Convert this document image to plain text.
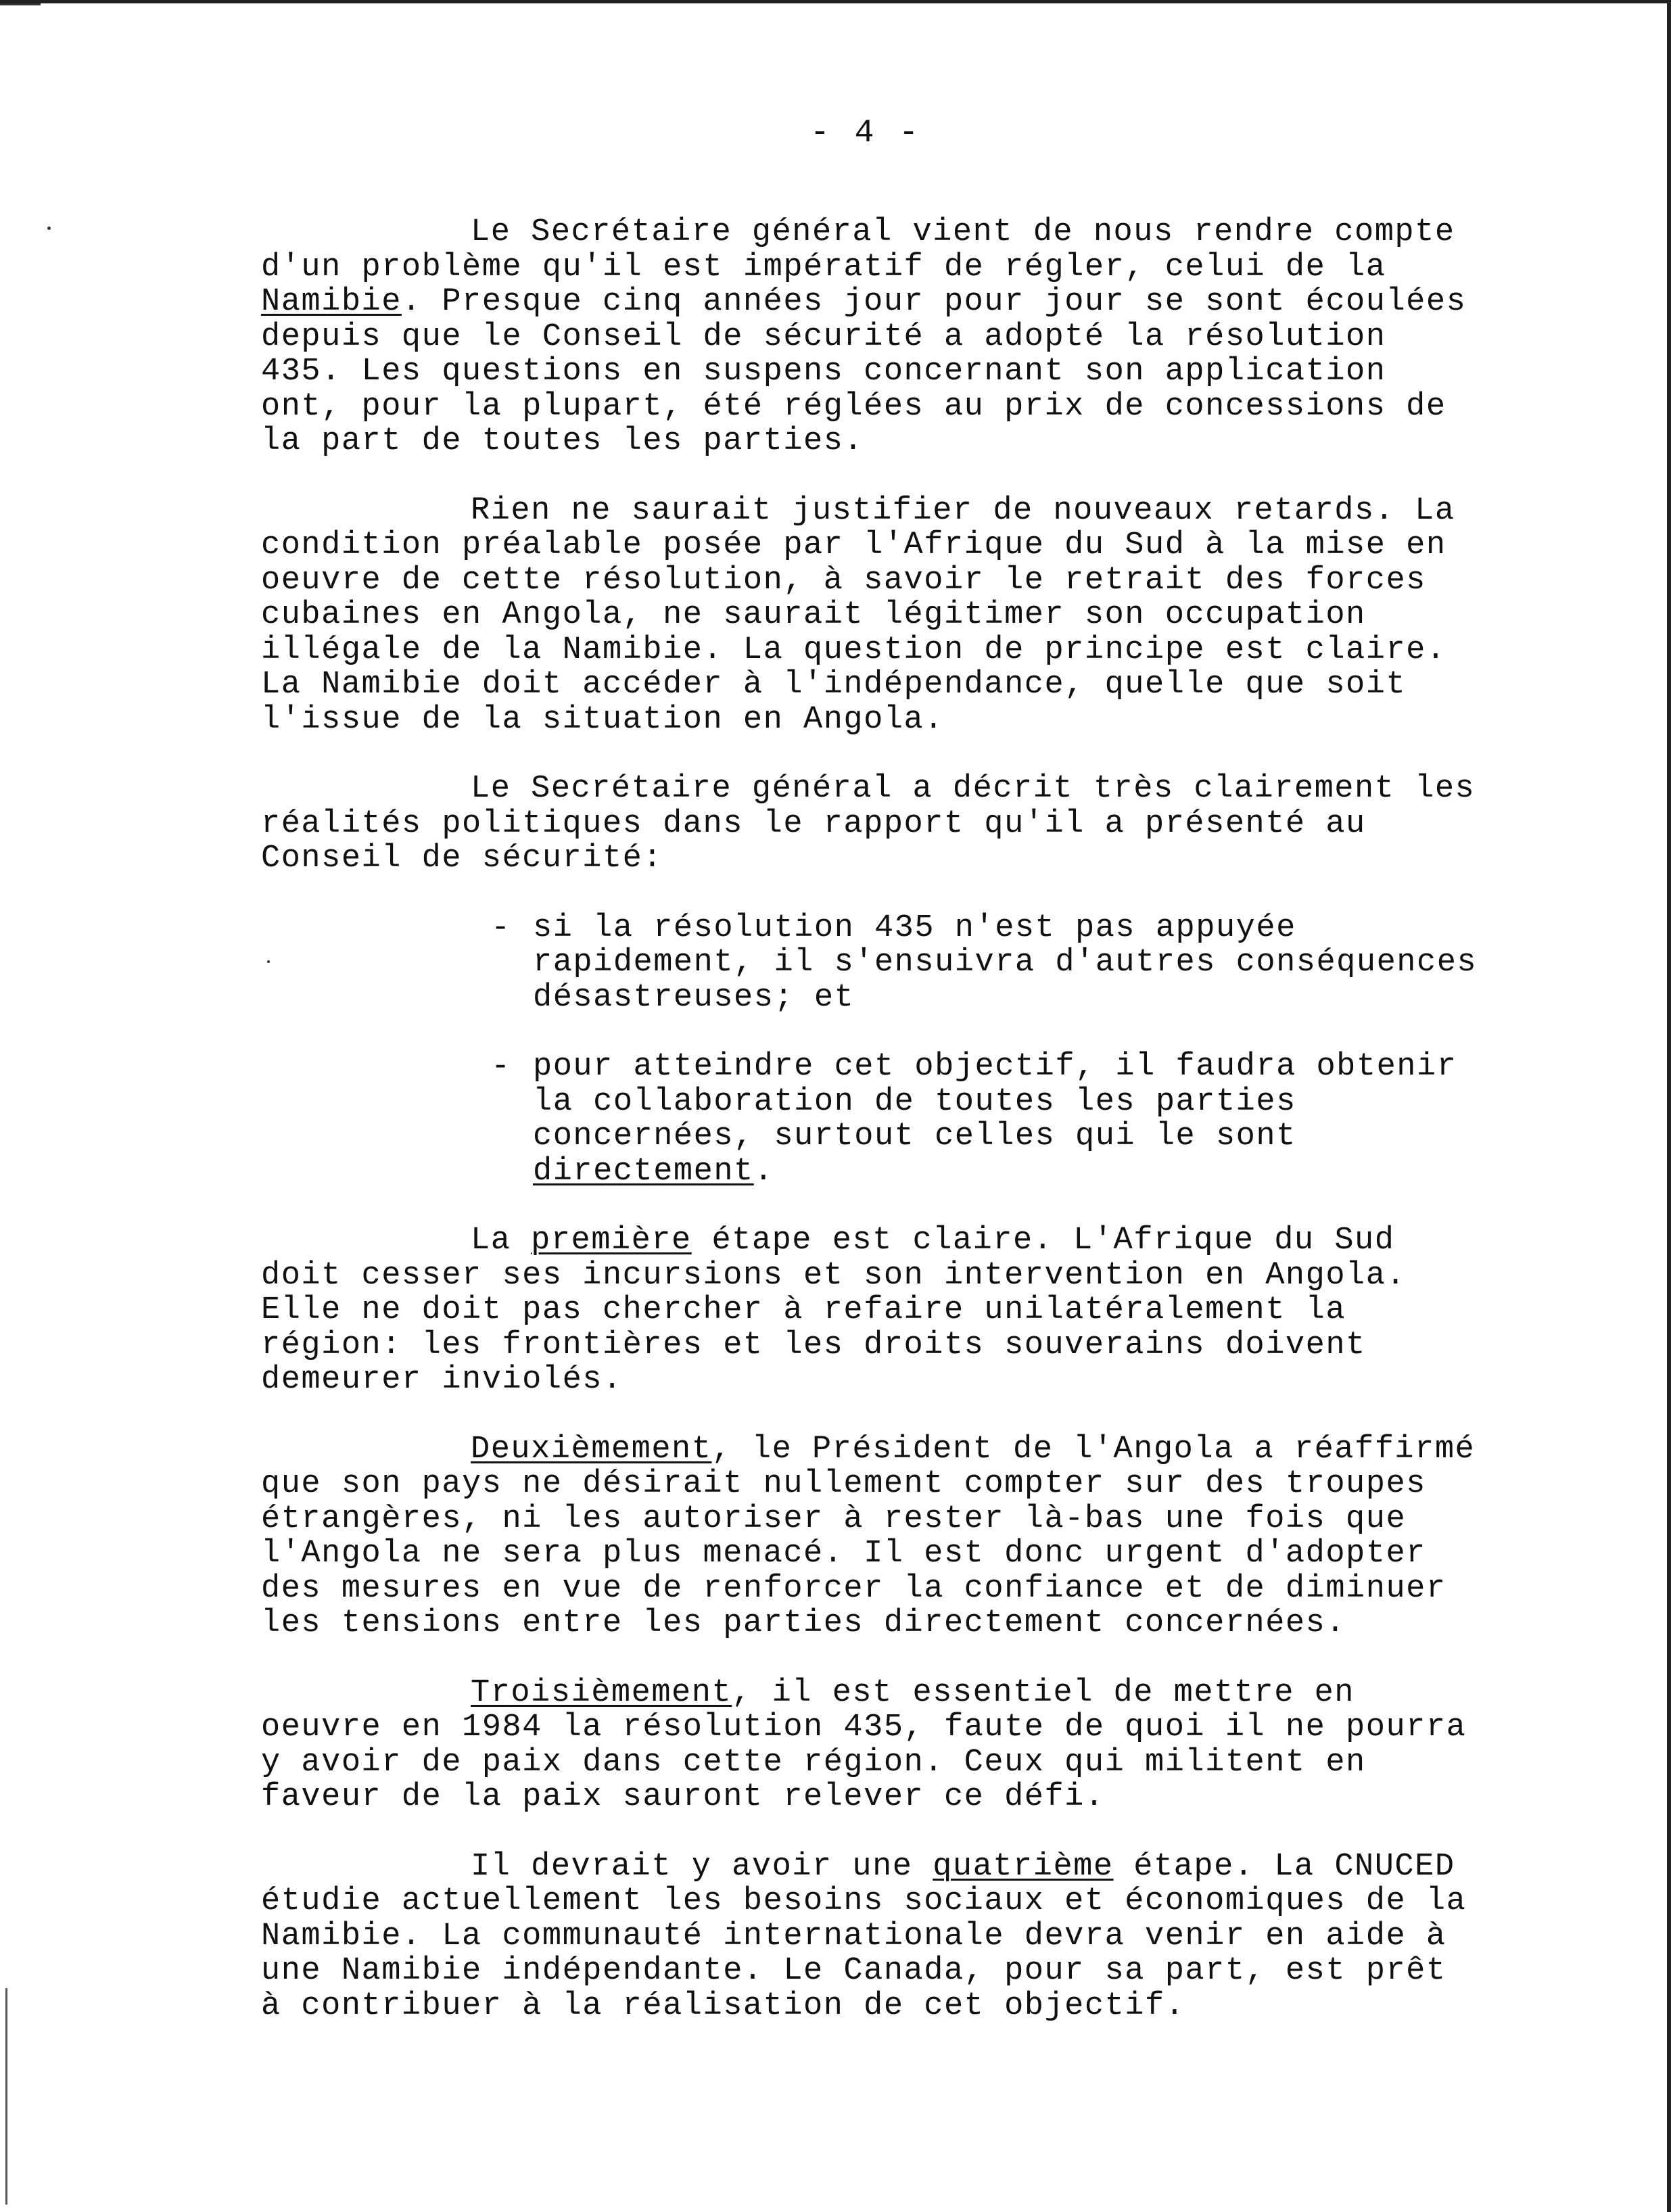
- 4 -

Le Secrétaire général vient de nous rendre compte d'un problème qu'il est impératif de régler, celui de la Namibie. Presque cinq années jour pour jour se sont écoulées depuis que le Conseil de sécurité a adopté la résolution 435. Les questions en suspens concernant son application ont, pour la plupart, été réglées au prix de concessions de la part de toutes les parties.

Rien ne saurait justifier de nouveaux retards. La condition préalable posée par l'Afrique du Sud à la mise en oeuvre de cette résolution, à savoir le retrait des forces cubaines en Angola, ne saurait légitimer son occupation illégale de la Namibie. La question de principe est claire. La Namibie doit accéder à l'indépendance, quelle que soit l'issue de la situation en Angola.

Le Secrétaire général a décrit très clairement les réalités politiques dans le rapport qu'il a présenté au Conseil de sécurité:

- si la résolution 435 n'est pas appuyée rapidement, il s'ensuivra d'autres conséquences désastreuses; et
- pour atteindre cet objectif, il faudra obtenir la collaboration de toutes les parties concernées, surtout celles qui le sont directement.

La première étape est claire. L'Afrique du Sud doit cesser ses incursions et son intervention en Angola. Elle ne doit pas chercher à refaire unilatéralement la région: les frontières et les droits souverains doivent demeurer inviolés.

Deuxièmement, le Président de l'Angola a réaffirmé que son pays ne désirait nullement compter sur des troupes étrangères, ni les autoriser à rester là-bas une fois que l'Angola ne sera plus menacé. Il est donc urgent d'adopter des mesures en vue de renforcer la confiance et de diminuer les tensions entre les parties directement concernées.

Troisièmement, il est essentiel de mettre en oeuvre en 1984 la résolution 435, faute de quoi il ne pourra y avoir de paix dans cette région. Ceux qui militent en faveur de la paix sauront relever ce défi.

Il devrait y avoir une quatrième étape. La CNUCED étudie actuellement les besoins sociaux et économiques de la Namibie. La communauté internationale devra venir en aide à une Namibie indépendante. Le Canada, pour sa part, est prêt à contribuer à la réalisation de cet objectif.
